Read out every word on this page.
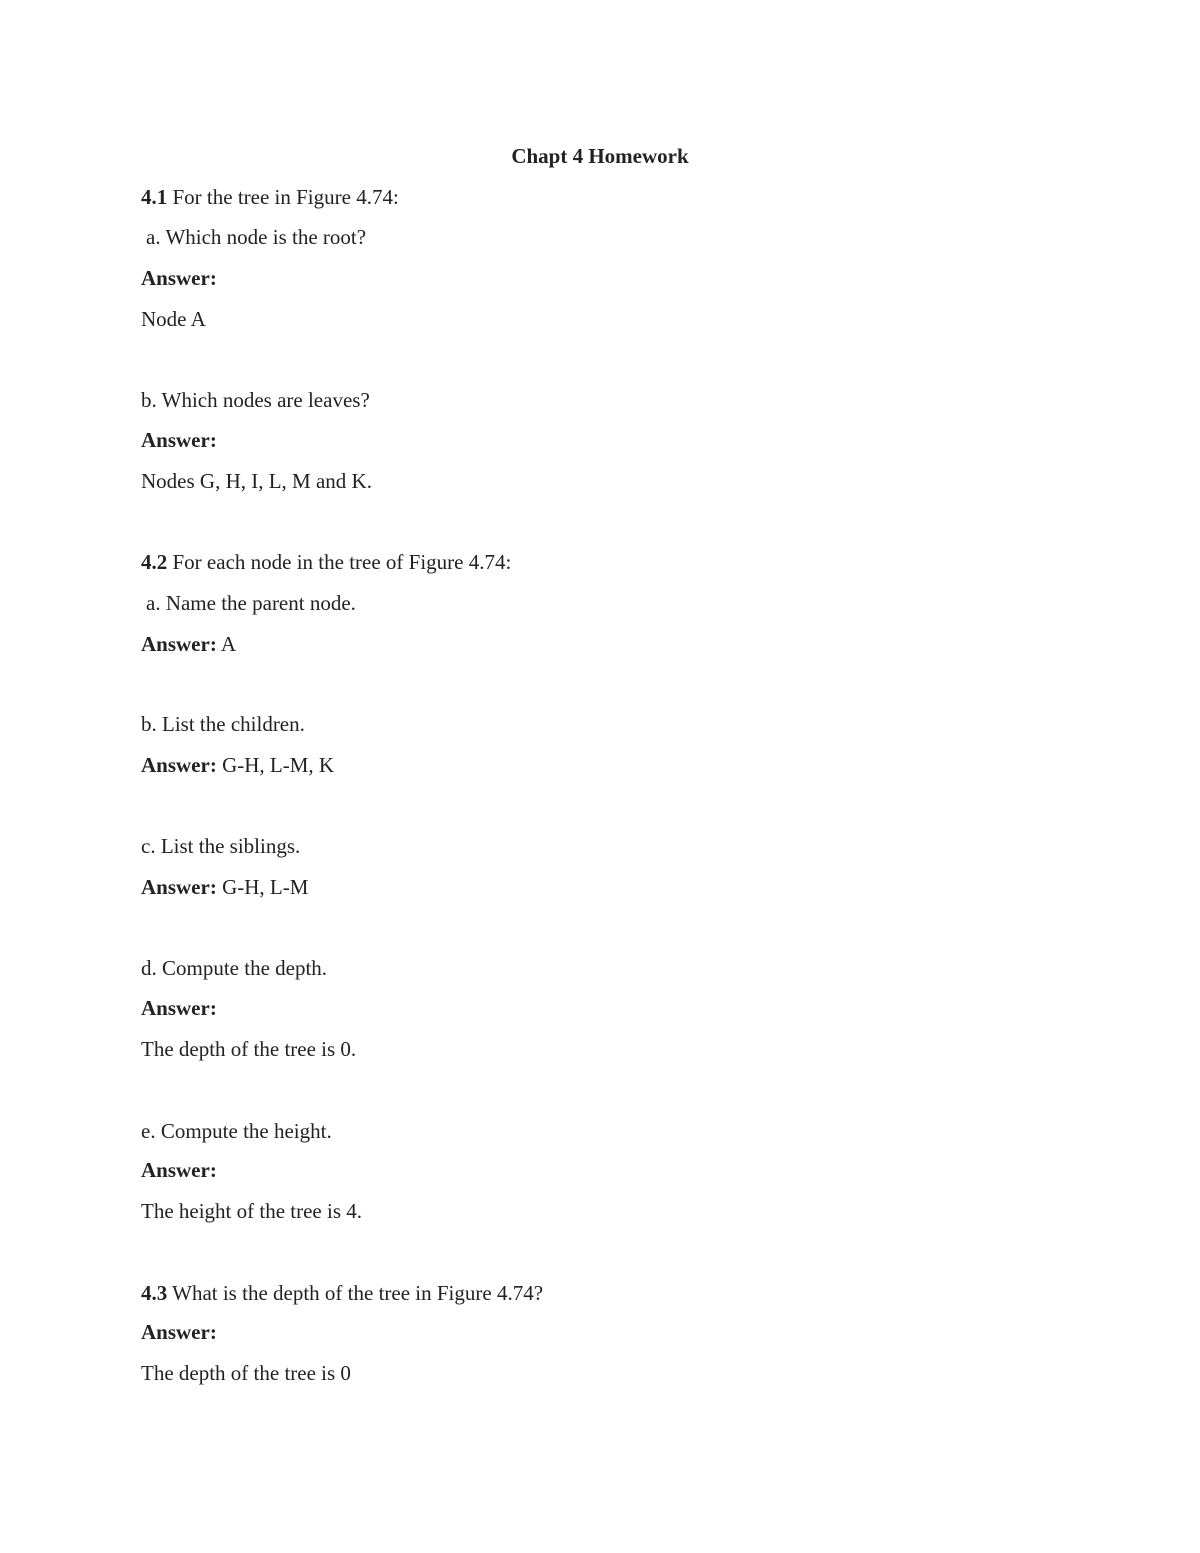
Chapt 4 Homework
4.1 For the tree in Figure 4.74:
a. Which node is the root?
Answer:
Node A
b. Which nodes are leaves?
Answer:
Nodes G, H, I, L, M and K.
4.2 For each node in the tree of Figure 4.74:
a. Name the parent node.
Answer: A
b. List the children.
Answer: G-H, L-M, K
c. List the siblings.
Answer: G-H, L-M
d. Compute the depth.
Answer:
The depth of the tree is 0.
e. Compute the height.
Answer:
The height of the tree is 4.
4.3 What is the depth of the tree in Figure 4.74?
Answer:
The depth of the tree is 0
